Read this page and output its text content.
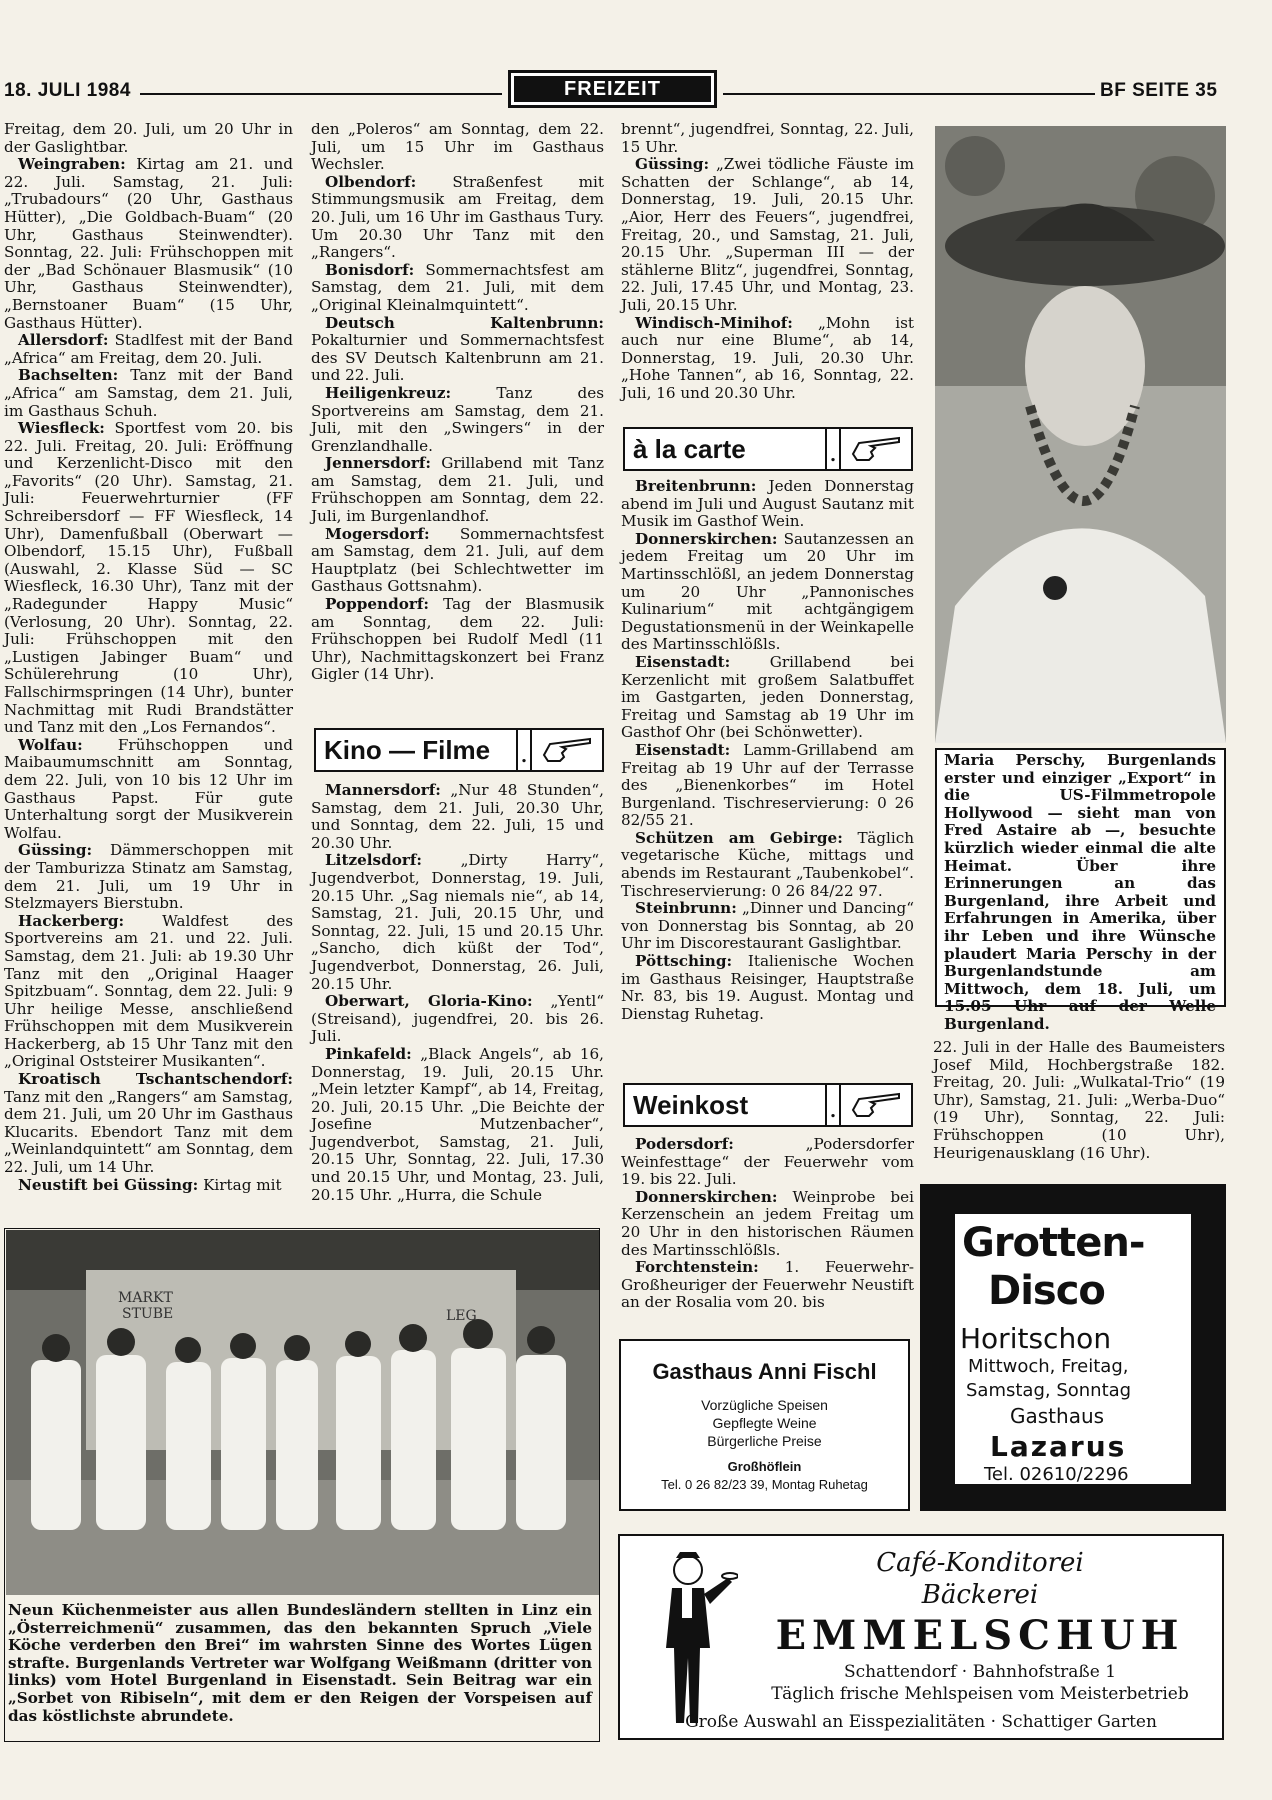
18. JULI 1984	FREIZEIT	BF SEITE 35

Freitag, dem 20. Juli, um 20 Uhr in der Gaslightbar.

Weingraben: Kirtag am 21. und 22. Juli. Samstag, 21. Juli: „Trubadours“ (20 Uhr, Gasthaus Hütter), „Die Goldbach-Buam“ (20 Uhr, Gasthaus Steinwendter). Sonntag, 22. Juli: Frühschoppen mit der „Bad Schönauer Blasmusik“ (10 Uhr, Gasthaus Steinwendter), „Bernstoaner Buam“ (15 Uhr, Gasthaus Hütter).

Allersdorf: Stadlfest mit der Band „Africa“ am Freitag, dem 20. Juli.

Bachselten: Tanz mit der Band „Africa“ am Samstag, dem 21. Juli, im Gasthaus Schuh.

Wiesfleck: Sportfest vom 20. bis 22. Juli. Freitag, 20. Juli: Eröffnung und Kerzenlicht-Disco mit den „Favorits“ (20 Uhr). Samstag, 21. Juli: Feuerwehrturnier (FF Schreibersdorf — FF Wiesfleck, 14 Uhr), Damenfußball (Oberwart — Olbendorf, 15.15 Uhr), Fußball (Auswahl, 2. Klasse Süd — SC Wiesfleck, 16.30 Uhr), Tanz mit der „Radegunder Happy Music“ (Verlosung, 20 Uhr). Sonntag, 22. Juli: Frühschoppen mit den „Lustigen Jabinger Buam“ und Schülerehrung (10 Uhr), Fallschirmspringen (14 Uhr), bunter Nachmittag mit Rudi Brandstätter und Tanz mit den „Los Fernandos“.

Wolfau: Frühschoppen und Maibaumumschnitt am Sonntag, dem 22. Juli, von 10 bis 12 Uhr im Gasthaus Papst. Für gute Unterhaltung sorgt der Musikverein Wolfau.

Güssing: Dämmerschoppen mit der Tamburizza Stinatz am Samstag, dem 21. Juli, um 19 Uhr in Stelzmayers Bierstubn.

Hackerberg: Waldfest des Sportvereins am 21. und 22. Juli. Samstag, dem 21. Juli: ab 19.30 Uhr Tanz mit den „Original Haager Spitzbuam“. Sonntag, dem 22. Juli: 9 Uhr heilige Messe, anschließend Frühschoppen mit dem Musikverein Hackerberg, ab 15 Uhr Tanz mit den „Original Oststeirer Musikanten“.

Kroatisch Tschantschendorf: Tanz mit den „Rangers“ am Samstag, dem 21. Juli, um 20 Uhr im Gasthaus Klucarits. Ebendort Tanz mit dem „Weinlandquintett“ am Sonntag, dem 22. Juli, um 14 Uhr.

Neustift bei Güssing: Kirtag mit

den „Poleros“ am Sonntag, dem 22. Juli, um 15 Uhr im Gasthaus Wechsler.

Olbendorf: Straßenfest mit Stimmungsmusik am Freitag, dem 20. Juli, um 16 Uhr im Gasthaus Tury. Um 20.30 Uhr Tanz mit den „Rangers“.

Bonisdorf: Sommernachtsfest am Samstag, dem 21. Juli, mit dem „Original Kleinalmquintett“.

Deutsch Kaltenbrunn: Pokalturnier und Sommernachtsfest des SV Deutsch Kaltenbrunn am 21. und 22. Juli.

Heiligenkreuz:	Tanz des Sportvereins am Samstag, dem 21. Juli, mit den „Swingers“ in der Grenzlandhalle.

Jennersdorf: Grillabend mit Tanz am Samstag, dem 21. Juli, und Frühschoppen am Sonntag, dem 22. Juli, im Burgenlandhof.

Mogersdorf: Sommernachtsfest am Samstag, dem 21. Juli, auf dem Hauptplatz (bei Schlechtwetter im Gasthaus Gottsnahm).

Poppendorf: Tag der Blasmusik am Sonntag, dem 22. Juli: Frühschoppen bei Rudolf Medl (11 Uhr), Nachmittagskonzert bei Franz Gigler (14 Uhr).

Kino — Filme	.

Mannersdorf: „Nur 48 Stunden“, Samstag, dem 21. Juli, 20.30 Uhr, und Sonntag, dem 22. Juli, 15 und 20.30 Uhr.

Litzelsdorf:	„Dirty Harry“, Jugendverbot, Donnerstag, 19. Juli, 20.15 Uhr. „Sag niemals nie“, ab 14, Samstag, 21. Juli, 20.15 Uhr, und Sonntag, 22. Juli, 15 und 20.15 Uhr. „Sancho, dich küßt der Tod“, Jugendverbot, Donnerstag, 26. Juli, 20.15 Uhr.

Oberwart, Gloria-Kino: „Yentl“ (Streisand), jugendfrei, 20. bis 26. Juli.

Pinkafeld: „Black Angels“, ab 16, Donnerstag, 19. Juli, 20.15 Uhr. „Mein letzter Kampf“, ab 14, Freitag, 20. Juli, 20.15 Uhr. „Die Beichte der Josefine Mutzenbacher“, Jugendverbot, Samstag, 21. Juli, 20.15 Uhr, Sonntag, 22. Juli, 17.30 und 20.15 Uhr, und Montag, 23. Juli, 20.15 Uhr. „Hurra, die Schule

brennt“, jugendfrei, Sonntag, 22. Juli, 15 Uhr.

Güssing: „Zwei tödliche Fäuste im Schatten der Schlange“, ab 14, Donnerstag, 19. Juli, 20.15 Uhr. „Aior, Herr des Feuers“, jugendfrei, Freitag, 20., und Samstag, 21. Juli, 20.15 Uhr. „Superman III — der stählerne Blitz“, jugendfrei, Sonntag, 22. Juli, 17.45 Uhr, und Montag, 23. Juli, 20.15 Uhr.

Windisch-Minihof: „Mohn ist auch nur eine Blume“, ab 14, Donnerstag, 19. Juli, 20.30 Uhr. „Hohe Tannen“, ab 16, Sonntag, 22. Juli, 16 und 20.30 Uhr.

à la carte	.

Breitenbrunn: Jeden Donnerstag abend im Juli und August Sautanz mit Musik im Gasthof Wein.

Donnerskirchen: Sautanzessen an jedem Freitag um 20 Uhr im Martinsschlößl, an jedem Donnerstag um 20 Uhr „Pannonisches Kulinarium“ mit achtgängigem Degustationsmenü in der Weinkapelle des Martinsschlößls.

Eisenstadt:	Grillabend bei Kerzenlicht mit großem Salatbuffet im Gastgarten, jeden Donnerstag, Freitag und Samstag ab 19 Uhr im Gasthof Ohr (bei Schönwetter).

Eisenstadt: Lamm-Grillabend am Freitag ab 19 Uhr auf der Terrasse des „Bienenkorbes“ im Hotel Burgenland. Tischreservierung: 0 26 82/55 21.

Schützen am Gebirge: Täglich vegetarische Küche, mittags und abends im Restaurant „Taubenkobel“. Tischreservierung: 0 26 84/22 97.

Steinbrunn: „Dinner und Dancing“ von Donnerstag bis Sonntag, ab 20 Uhr im Discorestaurant Gaslightbar.

Pöttsching: Italienische Wochen im Gasthaus Reisinger, Hauptstraße Nr. 83, bis 19. August. Montag und Dienstag Ruhetag.

Weinkost	.

Podersdorf:	„Podersdorfer Weinfesttage“ der Feuerwehr vom 19. bis 22. Juli.

Donnerskirchen: Weinprobe bei Kerzenschein an jedem Freitag um 20 Uhr in den historischen Räumen des Martinsschlößls.

Forchtenstein: 1. Feuerwehr-Großheuriger der Feuerwehr Neustift an der Rosalia vom 20. bis

Maria Perschy, Burgenlands erster und einziger „Export“ in die US-Filmmetropole Hollywood — sieht man von Fred Astaire ab —, besuchte kürzlich wieder einmal die alte Heimat. Über ihre Erinnerungen an das Burgenland, ihre Arbeit und Erfahrungen in Amerika, über ihr Leben und ihre Wünsche plaudert Maria Perschy in der Burgenlandstunde am Mittwoch, dem 18. Juli, um 15.05 Uhr auf der Welle Burgenland.
22. Juli in der Halle des Baumeisters Josef Mild, Hochbergstraße 182. Freitag, 20. Juli: „Wulkatal-Trio“ (19 Uhr), Samstag, 21. Juli: „Werba-Duo“ (19 Uhr), Sonntag, 22. Juli: Frühschoppen (10 Uhr), Heurigenausklang (16 Uhr).
MARKT
STUBE	LEG
Neun Küchenmeister aus allen Bundesländern stellten in Linz ein „Österreichmenü“ zusammen, das den bekannten Spruch „Viele Köche verderben den Brei“ im wahrsten Sinne des Wortes Lügen strafte. Burgenlands Vertreter war Wolfgang Weißmann (dritter von links) vom Hotel Burgenland in Eisenstadt. Sein Beitrag war ein „Sorbet von Ribiseln“, mit dem er den Reigen der Vorspeisen auf das köstlichste abrundete.
Grotten-
Disco
Horitschon
Mittwoch, Freitag,
Samstag, Sonntag
Gasthaus
Lazarus
Tel. 02610/2296
Gasthaus Anni Fischl
Vorzügliche Speisen
Gepflegte Weine
Bürgerliche Preise
Großhöflein
Tel. 0 26 82/23 39, Montag Ruhetag
Café-Konditorei
Bäckerei
EMMELSCHUH
Schattendorf · Bahnhofstraße 1
Täglich frische Mehlspeisen vom Meisterbetrieb
Große Auswahl an Eisspezialitäten · Schattiger Garten
